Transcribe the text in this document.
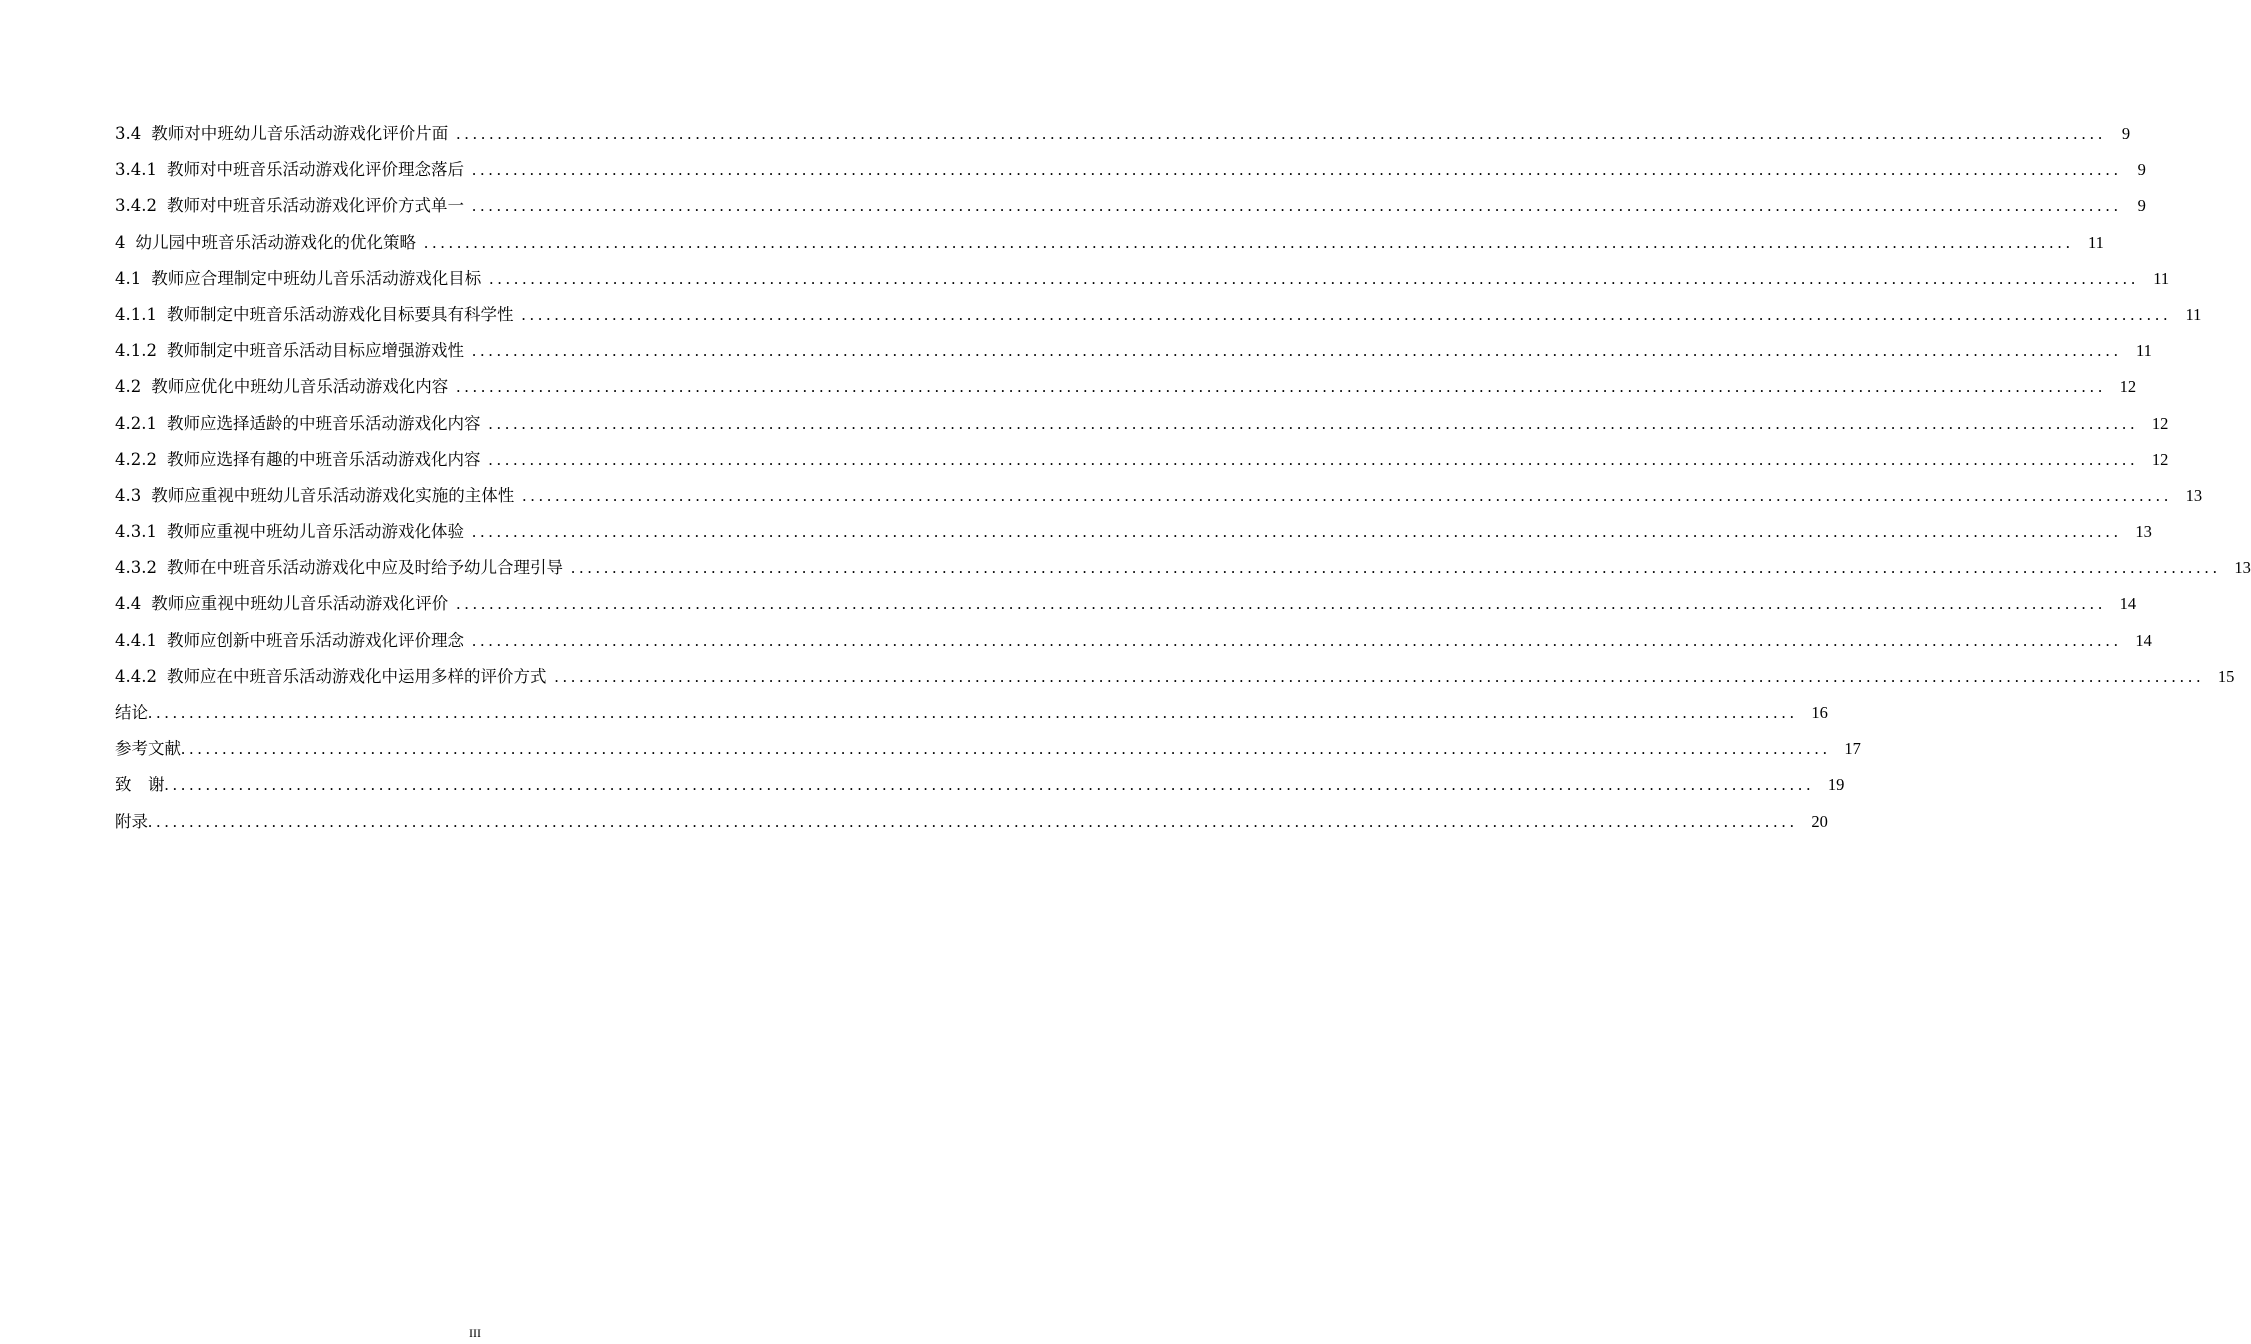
3.4 教师对中班幼儿音乐活动游戏化评价片面 . . . . . . . . . . . . . . . . . . . . . . . . . . . . . . . . . . . . . . . . . . . . . . . . . . . . . . . . . . . . . . . . . . . . . . . . . . . . . . . . . . . . . . . . . . . . . . . . . . . . . . . . . . . . . . . . . . . . . . . . . . . . . . . . . . . . . . . . . . . . . . . . . . . . . . . . . . . . . . . . . . . . . . . . . . . . . . . . . . . . . . . . . . . . . . . . . . . . . . . .	9
3.4.1 教师对中班音乐活动游戏化评价理念落后 . . . . . . . . . . . . . . . . . . . . . . . . . . . . . . . . . . . . . . . . . . . . . . . . . . . . . . . . . . . . . . . . . . . . . . . . . . . . . . . . . . . . . . . . . . . . . . . . . . . . . . . . . . . . . . . . . . . . . . . . . . . . . . . . . . . . . . . . . . . . . . . . . . . . . . . . . . . . . . . . . . . . . . . . . . . . . . . . . . . . . . . . . . . . . . . . . . . . . . . .	9
3.4.2 教师对中班音乐活动游戏化评价方式单一 . . . . . . . . . . . . . . . . . . . . . . . . . . . . . . . . . . . . . . . . . . . . . . . . . . . . . . . . . . . . . . . . . . . . . . . . . . . . . . . . . . . . . . . . . . . . . . . . . . . . . . . . . . . . . . . . . . . . . . . . . . . . . . . . . . . . . . . . . . . . . . . . . . . . . . . . . . . . . . . . . . . . . . . . . . . . . . . . . . . . . . . . . . . . . . . . . . . . . . . .	9
4 幼儿园中班音乐活动游戏化的优化策略 . . . . . . . . . . . . . . . . . . . . . . . . . . . . . . . . . . . . . . . . . . . . . . . . . . . . . . . . . . . . . . . . . . . . . . . . . . . . . . . . . . . . . . . . . . . . . . . . . . . . . . . . . . . . . . . . . . . . . . . . . . . . . . . . . . . . . . . . . . . . . . . . . . . . . . . . . . . . . . . . . . . . . . . . . . . . . . . . . . . . . . . . . . . . . . . . . . . . . . . .	11
4.1 教师应合理制定中班幼儿音乐活动游戏化目标 . . . . . . . . . . . . . . . . . . . . . . . . . . . . . . . . . . . . . . . . . . . . . . . . . . . . . . . . . . . . . . . . . . . . . . . . . . . . . . . . . . . . . . . . . . . . . . . . . . . . . . . . . . . . . . . . . . . . . . . . . . . . . . . . . . . . . . . . . . . . . . . . . . . . . . . . . . . . . . . . . . . . . . . . . . . . . . . . . . . . . . . . . . . . . . . . . . . . . . . .	11
4.1.1 教师制定中班音乐活动游戏化目标要具有科学性 . . . . . . . . . . . . . . . . . . . . . . . . . . . . . . . . . . . . . . . . . . . . . . . . . . . . . . . . . . . . . . . . . . . . . . . . . . . . . . . . . . . . . . . . . . . . . . . . . . . . . . . . . . . . . . . . . . . . . . . . . . . . . . . . . . . . . . . . . . . . . . . . . . . . . . . . . . . . . . . . . . . . . . . . . . . . . . . . . . . . . . . . . . . . . . . . . . . . . . . .	11
4.1.2 教师制定中班音乐活动目标应增强游戏性 . . . . . . . . . . . . . . . . . . . . . . . . . . . . . . . . . . . . . . . . . . . . . . . . . . . . . . . . . . . . . . . . . . . . . . . . . . . . . . . . . . . . . . . . . . . . . . . . . . . . . . . . . . . . . . . . . . . . . . . . . . . . . . . . . . . . . . . . . . . . . . . . . . . . . . . . . . . . . . . . . . . . . . . . . . . . . . . . . . . . . . . . . . . . . . . . . . . . . . . .	11
4.2 教师应优化中班幼儿音乐活动游戏化内容 . . . . . . . . . . . . . . . . . . . . . . . . . . . . . . . . . . . . . . . . . . . . . . . . . . . . . . . . . . . . . . . . . . . . . . . . . . . . . . . . . . . . . . . . . . . . . . . . . . . . . . . . . . . . . . . . . . . . . . . . . . . . . . . . . . . . . . . . . . . . . . . . . . . . . . . . . . . . . . . . . . . . . . . . . . . . . . . . . . . . . . . . . . . . . . . . . . . . . . . .	12
4.2.1 教师应选择适龄的中班音乐活动游戏化内容 . . . . . . . . . . . . . . . . . . . . . . . . . . . . . . . . . . . . . . . . . . . . . . . . . . . . . . . . . . . . . . . . . . . . . . . . . . . . . . . . . . . . . . . . . . . . . . . . . . . . . . . . . . . . . . . . . . . . . . . . . . . . . . . . . . . . . . . . . . . . . . . . . . . . . . . . . . . . . . . . . . . . . . . . . . . . . . . . . . . . . . . . . . . . . . . . . . . . . . . .	12
4.2.2 教师应选择有趣的中班音乐活动游戏化内容 . . . . . . . . . . . . . . . . . . . . . . . . . . . . . . . . . . . . . . . . . . . . . . . . . . . . . . . . . . . . . . . . . . . . . . . . . . . . . . . . . . . . . . . . . . . . . . . . . . . . . . . . . . . . . . . . . . . . . . . . . . . . . . . . . . . . . . . . . . . . . . . . . . . . . . . . . . . . . . . . . . . . . . . . . . . . . . . . . . . . . . . . . . . . . . . . . . . . . . . .	12
4.3 教师应重视中班幼儿音乐活动游戏化实施的主体性 . . . . . . . . . . . . . . . . . . . . . . . . . . . . . . . . . . . . . . . . . . . . . . . . . . . . . . . . . . . . . . . . . . . . . . . . . . . . . . . . . . . . . . . . . . . . . . . . . . . . . . . . . . . . . . . . . . . . . . . . . . . . . . . . . . . . . . . . . . . . . . . . . . . . . . . . . . . . . . . . . . . . . . . . . . . . . . . . . . . . . . . . . . . . . . . . . . . . . . . .	13
4.3.1 教师应重视中班幼儿音乐活动游戏化体验 . . . . . . . . . . . . . . . . . . . . . . . . . . . . . . . . . . . . . . . . . . . . . . . . . . . . . . . . . . . . . . . . . . . . . . . . . . . . . . . . . . . . . . . . . . . . . . . . . . . . . . . . . . . . . . . . . . . . . . . . . . . . . . . . . . . . . . . . . . . . . . . . . . . . . . . . . . . . . . . . . . . . . . . . . . . . . . . . . . . . . . . . . . . . . . . . . . . . . . . .	13
4.3.2 教师在中班音乐活动游戏化中应及时给予幼儿合理引导 . . . . . . . . . . . . . . . . . . . . . . . . . . . . . . . . . . . . . . . . . . . . . . . . . . . . . . . . . . . . . . . . . . . . . . . . . . . . . . . . . . . . . . . . . . . . . . . . . . . . . . . . . . . . . . . . . . . . . . . . . . . . . . . . . . . . . . . . . . . . . . . . . . . . . . . . . . . . . . . . . . . . . . . . . . . . . . . . . . . . . . . . . . . . . . . . . . . . . . . .	13
4.4 教师应重视中班幼儿音乐活动游戏化评价 . . . . . . . . . . . . . . . . . . . . . . . . . . . . . . . . . . . . . . . . . . . . . . . . . . . . . . . . . . . . . . . . . . . . . . . . . . . . . . . . . . . . . . . . . . . . . . . . . . . . . . . . . . . . . . . . . . . . . . . . . . . . . . . . . . . . . . . . . . . . . . . . . . . . . . . . . . . . . . . . . . . . . . . . . . . . . . . . . . . . . . . . . . . . . . . . . . . . . . . .	14
4.4.1 教师应创新中班音乐活动游戏化评价理念 . . . . . . . . . . . . . . . . . . . . . . . . . . . . . . . . . . . . . . . . . . . . . . . . . . . . . . . . . . . . . . . . . . . . . . . . . . . . . . . . . . . . . . . . . . . . . . . . . . . . . . . . . . . . . . . . . . . . . . . . . . . . . . . . . . . . . . . . . . . . . . . . . . . . . . . . . . . . . . . . . . . . . . . . . . . . . . . . . . . . . . . . . . . . . . . . . . . . . . . .	14
4.4.2 教师应在中班音乐活动游戏化中运用多样的评价方式 . . . . . . . . . . . . . . . . . . . . . . . . . . . . . . . . . . . . . . . . . . . . . . . . . . . . . . . . . . . . . . . . . . . . . . . . . . . . . . . . . . . . . . . . . . . . . . . . . . . . . . . . . . . . . . . . . . . . . . . . . . . . . . . . . . . . . . . . . . . . . . . . . . . . . . . . . . . . . . . . . . . . . . . . . . . . . . . . . . . . . . . . . . . . . . . . . . . . . . . .	15
结论 . . . . . . . . . . . . . . . . . . . . . . . . . . . . . . . . . . . . . . . . . . . . . . . . . . . . . . . . . . . . . . . . . . . . . . . . . . . . . . . . . . . . . . . . . . . . . . . . . . . . . . . . . . . . . . . . . . . . . . . . . . . . . . . . . . . . . . . . . . . . . . . . . . . . . . . . . . . . . . . . . . . . . . . . . . . . . . . . . . . . . . . . . . . . . . . . . . . . . . . .	16
参考文献 . . . . . . . . . . . . . . . . . . . . . . . . . . . . . . . . . . . . . . . . . . . . . . . . . . . . . . . . . . . . . . . . . . . . . . . . . . . . . . . . . . . . . . . . . . . . . . . . . . . . . . . . . . . . . . . . . . . . . . . . . . . . . . . . . . . . . . . . . . . . . . . . . . . . . . . . . . . . . . . . . . . . . . . . . . . . . . . . . . . . . . . . . . . . . . . . . . . . . . . .	17
致　谢 . . . . . . . . . . . . . . . . . . . . . . . . . . . . . . . . . . . . . . . . . . . . . . . . . . . . . . . . . . . . . . . . . . . . . . . . . . . . . . . . . . . . . . . . . . . . . . . . . . . . . . . . . . . . . . . . . . . . . . . . . . . . . . . . . . . . . . . . . . . . . . . . . . . . . . . . . . . . . . . . . . . . . . . . . . . . . . . . . . . . . . . . . . . . . . . . . . . . . . . .	19
附录 . . . . . . . . . . . . . . . . . . . . . . . . . . . . . . . . . . . . . . . . . . . . . . . . . . . . . . . . . . . . . . . . . . . . . . . . . . . . . . . . . . . . . . . . . . . . . . . . . . . . . . . . . . . . . . . . . . . . . . . . . . . . . . . . . . . . . . . . . . . . . . . . . . . . . . . . . . . . . . . . . . . . . . . . . . . . . . . . . . . . . . . . . . . . . . . . . . . . . . . .	20
III
